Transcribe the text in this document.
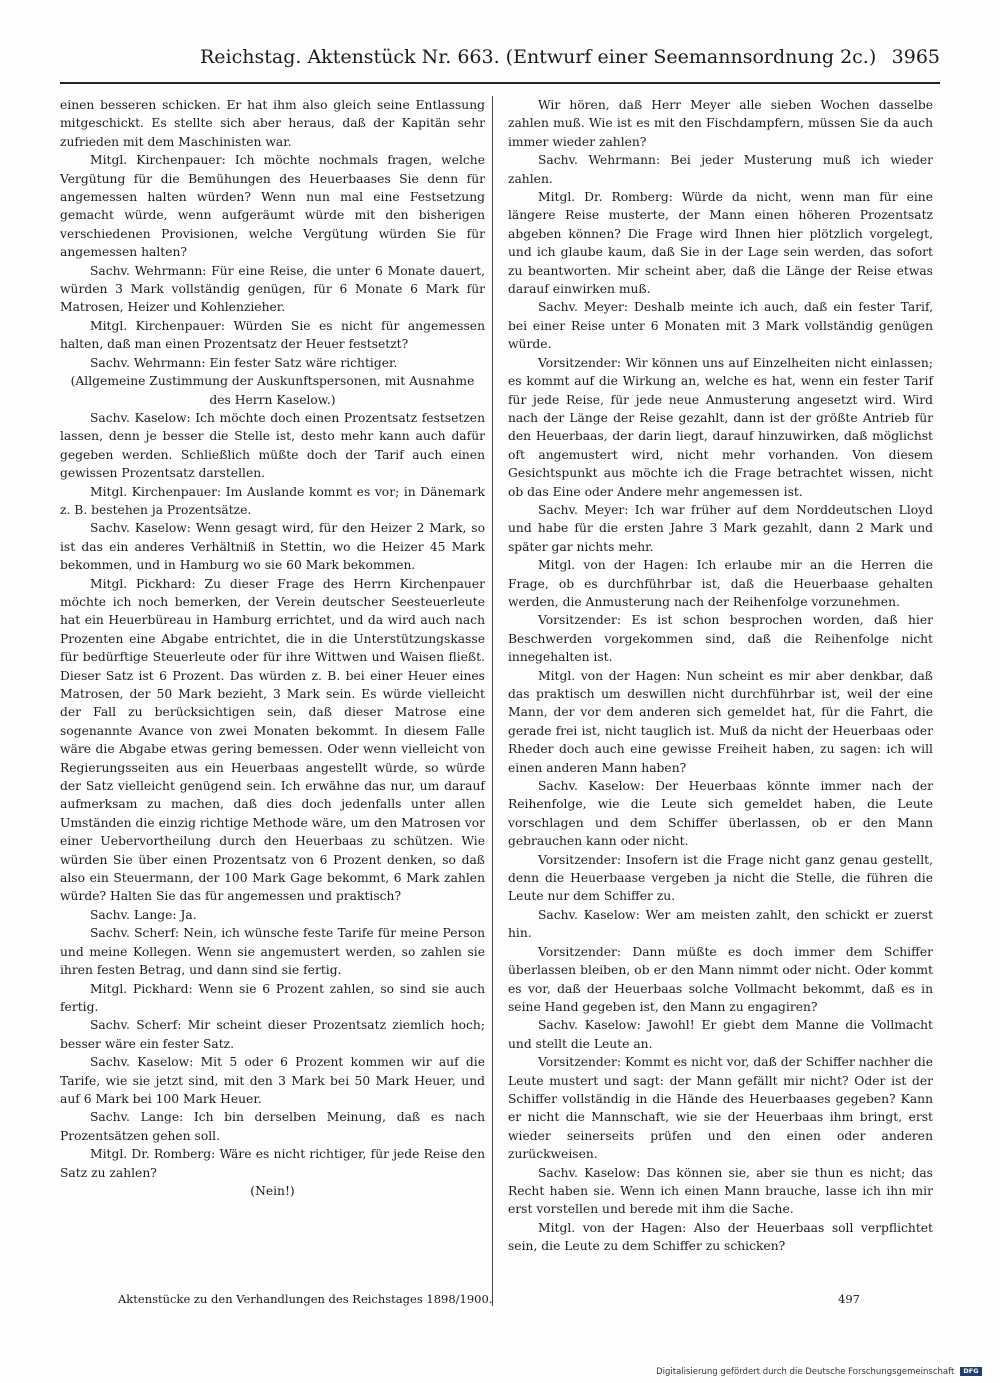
Reichstag. Aktenstück Nr. 663. (Entwurf einer Seemannsordnung 2c.) 3965

einen besseren schicken. Er hat ihm also gleich seine Entlassung mitgeschickt. Es stellte sich aber heraus, daß der Kapitän sehr zufrieden mit dem Maschinisten war.

Mitgl. Kirchenpauer: Ich möchte nochmals fragen, welche Vergütung für die Bemühungen des Heuerbaases Sie denn für angemessen halten würden? Wenn nun mal eine Festsetzung gemacht würde, wenn aufgeräumt würde mit den bisherigen verschiedenen Provisionen, welche Vergütung würden Sie für angemessen halten?

Sachv. Wehrmann: Für eine Reise, die unter 6 Monate dauert, würden 3 Mark vollständig genügen, für 6 Monate 6 Mark für Matrosen, Heizer und Kohlenzieher.

Mitgl. Kirchenpauer: Würden Sie es nicht für angemessen halten, daß man einen Prozentsatz der Heuer festsetzt?

Sachv. Wehrmann: Ein fester Satz wäre richtiger.

(Allgemeine Zustimmung der Auskunftspersonen, mit Ausnahme des Herrn Kaselow.)

Sachv. Kaselow: Ich möchte doch einen Prozentsatz festsetzen lassen, denn je besser die Stelle ist, desto mehr kann auch dafür gegeben werden. Schließlich müßte doch der Tarif auch einen gewissen Prozentsatz darstellen.

Mitgl. Kirchenpauer: Im Auslande kommt es vor; in Dänemark z. B. bestehen ja Prozentsätze.

Sachv. Kaselow: Wenn gesagt wird, für den Heizer 2 Mark, so ist das ein anderes Verhältniß in Stettin, wo die Heizer 45 Mark bekommen, und in Hamburg wo sie 60 Mark bekommen.

Mitgl. Pickhard: Zu dieser Frage des Herrn Kirchenpauer möchte ich noch bemerken, der Verein deutscher Seesteuerleute hat ein Heuerbüreau in Hamburg errichtet, und da wird auch nach Prozenten eine Abgabe entrichtet, die in die Unterstützungskasse für bedürftige Steuerleute oder für ihre Wittwen und Waisen fließt. Dieser Satz ist 6 Prozent. Das würden z. B. bei einer Heuer eines Matrosen, der 50 Mark bezieht, 3 Mark sein. Es würde vielleicht der Fall zu berücksichtigen sein, daß dieser Matrose eine sogenannte Avance von zwei Monaten bekommt. In diesem Falle wäre die Abgabe etwas gering bemessen. Oder wenn vielleicht von Regierungsseiten aus ein Heuerbaas angestellt würde, so würde der Satz vielleicht genügend sein. Ich erwähne das nur, um darauf aufmerksam zu machen, daß dies doch jedenfalls unter allen Umständen die einzig richtige Methode wäre, um den Matrosen vor einer Uebervortheilung durch den Heuerbaas zu schützen. Wie würden Sie über einen Prozentsatz von 6 Prozent denken, so daß also ein Steuermann, der 100 Mark Gage bekommt, 6 Mark zahlen würde? Halten Sie das für angemessen und praktisch?

Sachv. Lange: Ja.

Sachv. Scherf: Nein, ich wünsche feste Tarife für meine Person und meine Kollegen. Wenn sie angemustert werden, so zahlen sie ihren festen Betrag, und dann sind sie fertig.

Mitgl. Pickhard: Wenn sie 6 Prozent zahlen, so sind sie auch fertig.

Sachv. Scherf: Mir scheint dieser Prozentsatz ziemlich hoch; besser wäre ein fester Satz.

Sachv. Kaselow: Mit 5 oder 6 Prozent kommen wir auf die Tarife, wie sie jetzt sind, mit den 3 Mark bei 50 Mark Heuer, und auf 6 Mark bei 100 Mark Heuer.

Sachv. Lange: Ich bin derselben Meinung, daß es nach Prozentsätzen gehen soll.

Mitgl. Dr. Romberg: Wäre es nicht richtiger, für jede Reise den Satz zu zahlen?

(Nein!)

Wir hören, daß Herr Meyer alle sieben Wochen dasselbe zahlen muß. Wie ist es mit den Fischdampfern, müssen Sie da auch immer wieder zahlen?

Sachv. Wehrmann: Bei jeder Musterung muß ich wieder zahlen.

Mitgl. Dr. Romberg: Würde da nicht, wenn man für eine längere Reise musterte, der Mann einen höheren Prozentsatz abgeben können? Die Frage wird Ihnen hier plötzlich vorgelegt, und ich glaube kaum, daß Sie in der Lage sein werden, das sofort zu beantworten. Mir scheint aber, daß die Länge der Reise etwas darauf einwirken muß.

Sachv. Meyer: Deshalb meinte ich auch, daß ein fester Tarif, bei einer Reise unter 6 Monaten mit 3 Mark vollständig genügen würde.

Vorsitzender: Wir können uns auf Einzelheiten nicht einlassen; es kommt auf die Wirkung an, welche es hat, wenn ein fester Tarif für jede Reise, für jede neue Anmusterung angesetzt wird. Wird nach der Länge der Reise gezahlt, dann ist der größte Antrieb für den Heuerbaas, der darin liegt, darauf hinzuwirken, daß möglichst oft angemustert wird, nicht mehr vorhanden. Von diesem Gesichtspunkt aus möchte ich die Frage betrachtet wissen, nicht ob das Eine oder Andere mehr angemessen ist.

Sachv. Meyer: Ich war früher auf dem Norddeutschen Lloyd und habe für die ersten Jahre 3 Mark gezahlt, dann 2 Mark und später gar nichts mehr.

Mitgl. von der Hagen: Ich erlaube mir an die Herren die Frage, ob es durchführbar ist, daß die Heuerbaase gehalten werden, die Anmusterung nach der Reihenfolge vorzunehmen.

Vorsitzender: Es ist schon besprochen worden, daß hier Beschwerden vorgekommen sind, daß die Reihenfolge nicht innegehalten ist.

Mitgl. von der Hagen: Nun scheint es mir aber denkbar, daß das praktisch um deswillen nicht durchführbar ist, weil der eine Mann, der vor dem anderen sich gemeldet hat, für die Fahrt, die gerade frei ist, nicht tauglich ist. Muß da nicht der Heuerbaas oder Rheder doch auch eine gewisse Freiheit haben, zu sagen: ich will einen anderen Mann haben?

Sachv. Kaselow: Der Heuerbaas könnte immer nach der Reihenfolge, wie die Leute sich gemeldet haben, die Leute vorschlagen und dem Schiffer überlassen, ob er den Mann gebrauchen kann oder nicht.

Vorsitzender: Insofern ist die Frage nicht ganz genau gestellt, denn die Heuerbaase vergeben ja nicht die Stelle, die führen die Leute nur dem Schiffer zu.

Sachv. Kaselow: Wer am meisten zahlt, den schickt er zuerst hin.

Vorsitzender: Dann müßte es doch immer dem Schiffer überlassen bleiben, ob er den Mann nimmt oder nicht. Oder kommt es vor, daß der Heuerbaas solche Vollmacht bekommt, daß es in seine Hand gegeben ist, den Mann zu engagiren?

Sachv. Kaselow: Jawohl! Er giebt dem Manne die Vollmacht und stellt die Leute an.

Vorsitzender: Kommt es nicht vor, daß der Schiffer nachher die Leute mustert und sagt: der Mann gefällt mir nicht? Oder ist der Schiffer vollständig in die Hände des Heuerbaases gegeben? Kann er nicht die Mannschaft, wie sie der Heuerbaas ihm bringt, erst wieder seinerseits prüfen und den einen oder anderen zurückweisen.

Sachv. Kaselow: Das können sie, aber sie thun es nicht; das Recht haben sie. Wenn ich einen Mann brauche, lasse ich ihn mir erst vorstellen und berede mit ihm die Sache.

Mitgl. von der Hagen: Also der Heuerbaas soll verpflichtet sein, die Leute zu dem Schiffer zu schicken?

Aktenstücke zu den Verhandlungen des Reichstages 1898/1900.	497
Digitalisierung gefördert durch die Deutsche Forschungsgemeinschaft DFG
